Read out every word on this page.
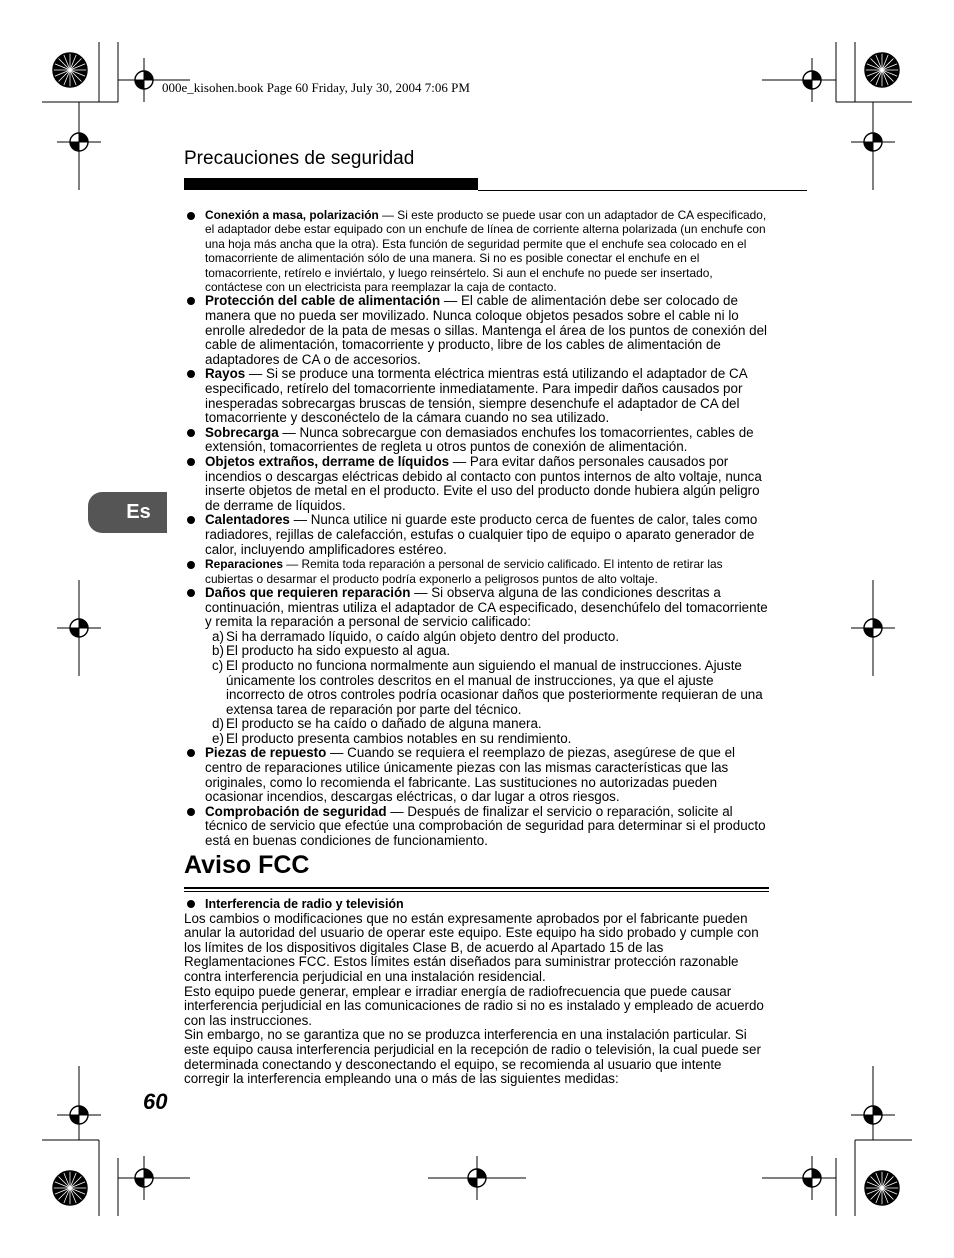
000e_kisohen.book Page 60 Friday, July 30, 2004 7:06 PM
Precauciones de seguridad
Es
Conexión a masa, polarización — Si este producto se puede usar con un adaptador de CA especificado, el adaptador debe estar equipado con un enchufe de línea de corriente alterna polarizada (un enchufe con una hoja más ancha que la otra). Esta función de seguridad permite que el enchufe sea colocado en el tomacorriente de alimentación sólo de una manera. Si no es posible conectar el enchufe en el tomacorriente, retírelo e inviértalo, y luego reinsértelo. Si aun el enchufe no puede ser insertado, contáctese con un electricista para reemplazar la caja de contacto.
Protección del cable de alimentación — El cable de alimentación debe ser colocado de manera que no pueda ser movilizado. Nunca coloque objetos pesados sobre el cable ni lo enrolle alrededor de la pata de mesas o sillas. Mantenga el área de los puntos de conexión del cable de alimentación, tomacorriente y producto, libre de los cables de alimentación de adaptadores de CA o de accesorios.
Rayos — Si se produce una tormenta eléctrica mientras está utilizando el adaptador de CA especificado, retírelo del tomacorriente inmediatamente. Para impedir daños causados por inesperadas sobrecargas bruscas de tensión, siempre desenchufe el adaptador de CA del tomacorriente y desconéctelo de la cámara cuando no sea utilizado.
Sobrecarga — Nunca sobrecargue con demasiados enchufes los tomacorrientes, cables de extensión, tomacorrientes de regleta u otros puntos de conexión de alimentación.
Objetos extraños, derrame de líquidos — Para evitar daños personales causados por incendios o descargas eléctricas debido al contacto con puntos internos de alto voltaje, nunca inserte objetos de metal en el producto. Evite el uso del producto donde hubiera algún peligro de derrame de líquidos.
Calentadores — Nunca utilice ni guarde este producto cerca de fuentes de calor, tales como radiadores, rejillas de calefacción, estufas o cualquier tipo de equipo o aparato generador de calor, incluyendo amplificadores estéreo.
Reparaciones — Remita toda reparación a personal de servicio calificado. El intento de retirar las cubiertas o desarmar el producto podría exponerlo a peligrosos puntos de alto voltaje.
Daños que requieren reparación — Si observa alguna de las condiciones descritas a continuación, mientras utiliza el adaptador de CA especificado, desenchúfelo del tomacorriente y remita la reparación a personal de servicio calificado:
a) Si ha derramado líquido, o caído algún objeto dentro del producto.
b) El producto ha sido expuesto al agua.
c) El producto no funciona normalmente aun siguiendo el manual de instrucciones. Ajuste únicamente los controles descritos en el manual de instrucciones, ya que el ajuste incorrecto de otros controles podría ocasionar daños que posteriormente requieran de una extensa tarea de reparación por parte del técnico.
d) El producto se ha caído o dañado de alguna manera.
e) El producto presenta cambios notables en su rendimiento.
Piezas de repuesto — Cuando se requiera el reemplazo de piezas, asegúrese de que el centro de reparaciones utilice únicamente piezas con las mismas características que las originales, como lo recomienda el fabricante. Las sustituciones no autorizadas pueden ocasionar incendios, descargas eléctricas, o dar lugar a otros riesgos.
Comprobación de seguridad — Después de finalizar el servicio o reparación, solicite al técnico de servicio que efectúe una comprobación de seguridad para determinar si el producto está en buenas condiciones de funcionamiento.
Aviso FCC
Interferencia de radio y televisión

Los cambios o modificaciones que no están expresamente aprobados por el fabricante pueden anular la autoridad del usuario de operar este equipo. Este equipo ha sido probado y cumple con los límites de los dispositivos digitales Clase B, de acuerdo al Apartado 15 de las Reglamentaciones FCC. Estos límites están diseñados para suministrar protección razonable contra interferencia perjudicial en una instalación residencial.

Esto equipo puede generar, emplear e irradiar energía de radiofrecuencia que puede causar interferencia perjudicial en las comunicaciones de radio si no es instalado y empleado de acuerdo con las instrucciones.

Sin embargo, no se garantiza que no se produzca interferencia en una instalación particular. Si este equipo causa interferencia perjudicial en la recepción de radio o televisión, la cual puede ser determinada conectando y desconectando el equipo, se recomienda al usuario que intente corregir la interferencia empleando una o más de las siguientes medidas:

60
